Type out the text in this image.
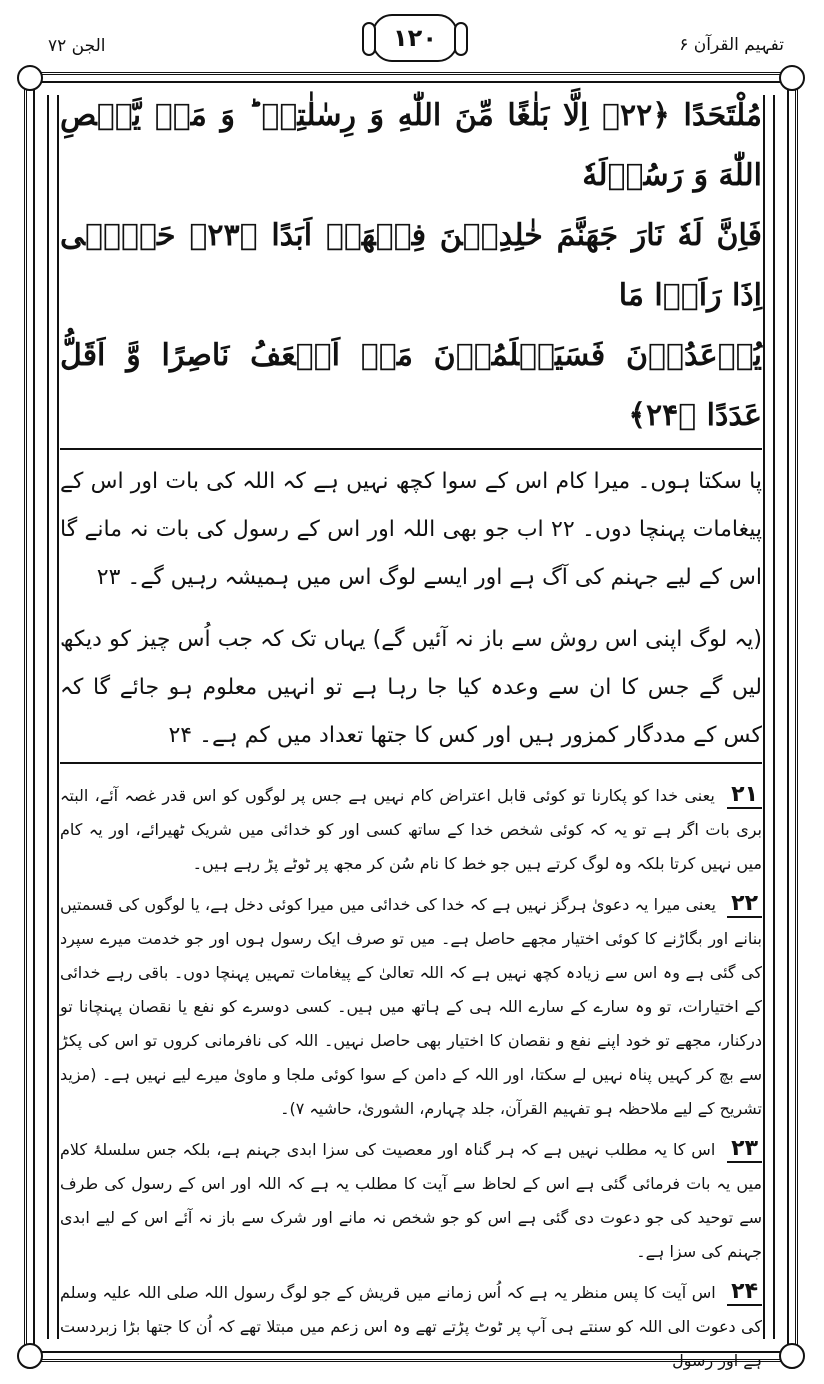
الجن ۷۲	۱۲۰	تفہیم القرآن ۶

مُلْتَحَدًا ﴿۲۲﴾ اِلَّا بَلٰغًا مِّنَ اللّٰهِ وَ رِسٰلٰتِهٖ ؕ وَ مَنۡ یَّعۡصِ اللّٰهَ وَ رَسُوۡلَهٗ

فَاِنَّ لَهٗ نَارَ جَهَنَّمَ خٰلِدِیۡنَ فِیۡهَاۤ اَبَدًا ﴿۲۳﴾ حَتّٰۤی اِذَا رَاَوۡا مَا

یُوۡعَدُوۡنَ فَسَیَعۡلَمُوۡنَ مَنۡ اَضۡعَفُ نَاصِرًا وَّ اَقَلُّ عَدَدًا ﴿۲۴﴾

پا سکتا ہوں۔ میرا کام اس کے سوا کچھ نہیں ہے کہ اللہ کی بات اور اس کے پیغامات پہنچا دوں۔ ۲۲ اب جو بھی اللہ اور اس کے رسول کی بات نہ مانے گا اس کے لیے جہنم کی آگ ہے اور ایسے لوگ اس میں ہمیشہ رہیں گے۔ ۲۳

(یہ لوگ اپنی اس روش سے باز نہ آئیں گے) یہاں تک کہ جب اُس چیز کو دیکھ لیں گے جس کا ان سے وعدہ کیا جا رہا ہے تو انہیں معلوم ہو جائے گا کہ کس کے مددگار کمزور ہیں اور کس کا جتھا تعداد میں کم ہے۔ ۲۴

۲۱ یعنی خدا کو پکارنا تو کوئی قابل اعتراض کام نہیں ہے جس پر لوگوں کو اس قدر غصہ آئے، البتہ بری بات اگر ہے تو یہ کہ کوئی شخص خدا کے ساتھ کسی اور کو خدائی میں شریک ٹھیرائے، اور یہ کام میں نہیں کرتا بلکہ وہ لوگ کرتے ہیں جو خط کا نام سُن کر مجھ پر ٹوٹے پڑ رہے ہیں۔

۲۲ یعنی میرا یہ دعویٰ ہرگز نہیں ہے کہ خدا کی خدائی میں میرا کوئی دخل ہے، یا لوگوں کی قسمتیں بنانے اور بگاڑنے کا کوئی اختیار مجھے حاصل ہے۔ میں تو صرف ایک رسول ہوں اور جو خدمت میرے سپرد کی گئی ہے وہ اس سے زیادہ کچھ نہیں ہے کہ اللہ تعالیٰ کے پیغامات تمہیں پہنچا دوں۔ باقی رہے خدائی کے اختیارات، تو وہ سارے کے سارے اللہ ہی کے ہاتھ میں ہیں۔ کسی دوسرے کو نفع یا نقصان پہنچانا تو درکنار، مجھے تو خود اپنے نفع و نقصان کا اختیار بھی حاصل نہیں۔ اللہ کی نافرمانی کروں تو اس کی پکڑ سے بچ کر کہیں پناہ نہیں لے سکتا، اور اللہ کے دامن کے سوا کوئی ملجا و ماویٰ میرے لیے نہیں ہے۔ (مزید تشریح کے لیے ملاحظہ ہو تفہیم القرآن، جلد چہارم، الشوریٰ، حاشیہ ۷)۔

۲۳ اس کا یہ مطلب نہیں ہے کہ ہر گناہ اور معصیت کی سزا ابدی جہنم ہے، بلکہ جس سلسلۂ کلام میں یہ بات فرمائی گئی ہے اس کے لحاظ سے آیت کا مطلب یہ ہے کہ اللہ اور اس کے رسول کی طرف سے توحید کی جو دعوت دی گئی ہے اس کو جو شخص نہ مانے اور شرک سے باز نہ آئے اس کے لیے ابدی جہنم کی سزا ہے۔

۲۴ اس آیت کا پس منظر یہ ہے کہ اُس زمانے میں قریش کے جو لوگ رسول اللہ صلی اللہ علیہ وسلم کی دعوت الی اللہ کو سنتے ہی آپ پر ٹوٹ پڑتے تھے وہ اس زعم میں مبتلا تھے کہ اُن کا جتھا بڑا زبردست ہے اور رسول
